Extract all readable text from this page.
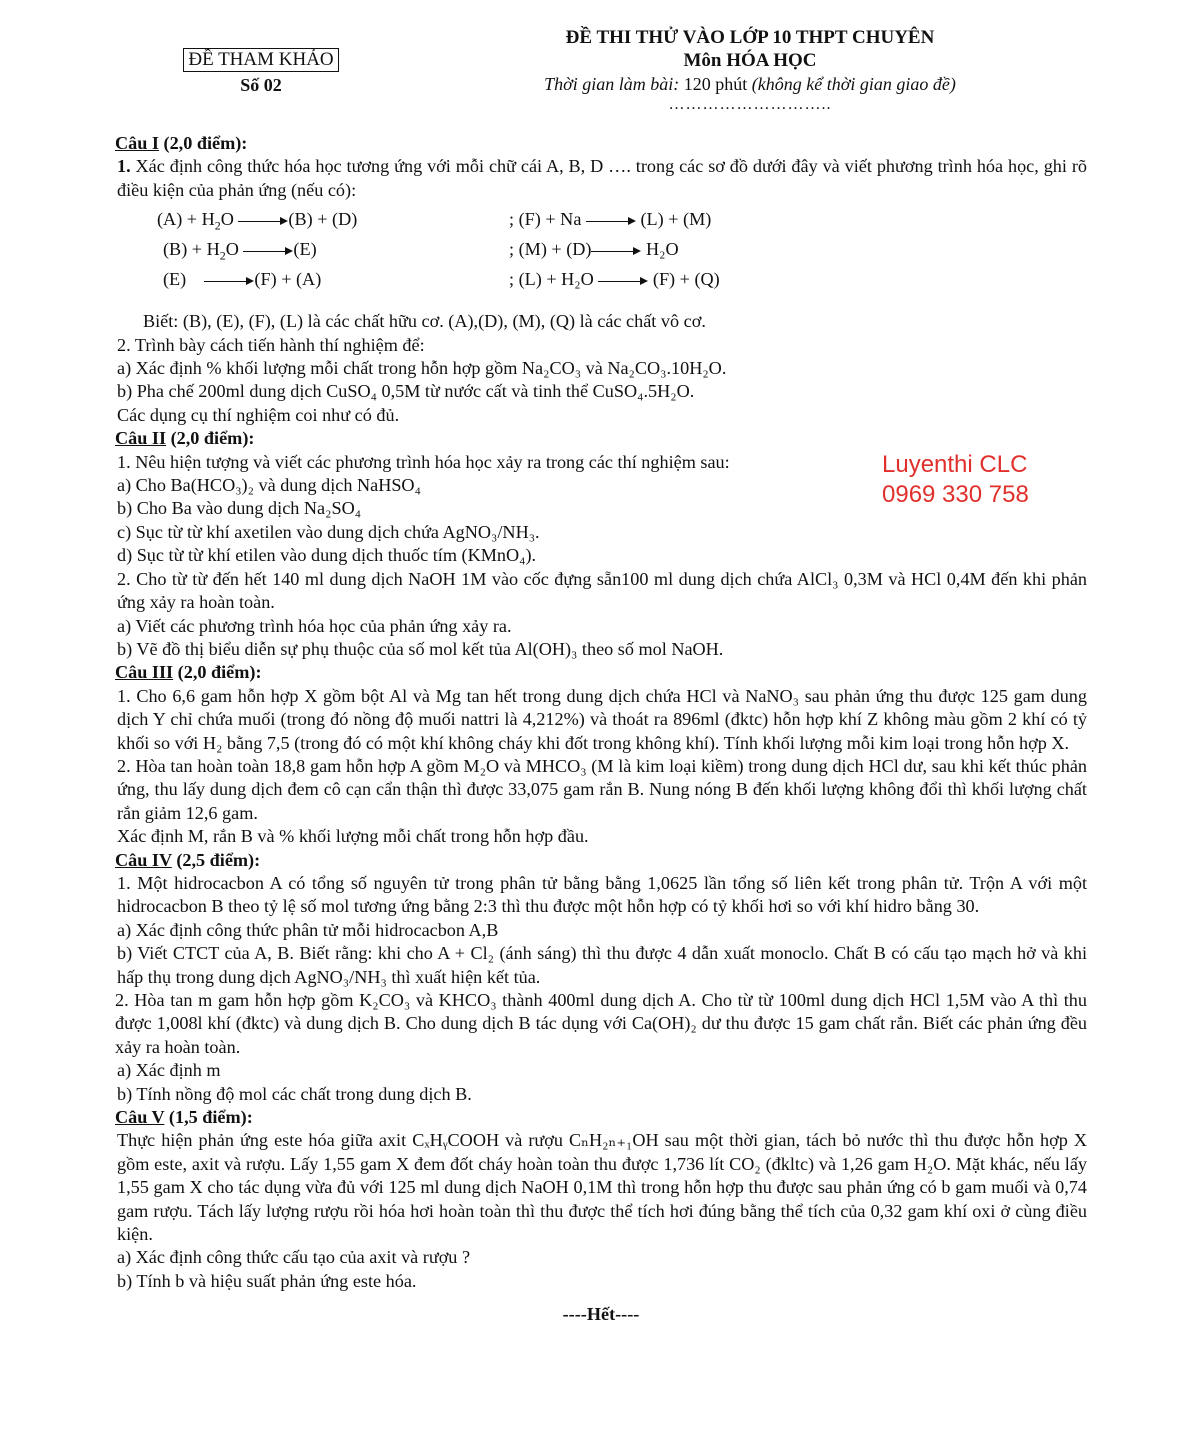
ĐỀ THAM KHẢO
Số 02
ĐỀ THI THỬ VÀO LỚP 10 THPT CHUYÊN
Môn HÓA HỌC
Thời gian làm bài: 120 phút (không kể thời gian giao đề)
………………………..
Luyenthi CLC
0969 330 758
Câu I (2,0 điểm):

1. Xác định công thức hóa học tương ứng với mỗi chữ cái A, B, D …. trong các sơ đồ dưới đây và viết phương trình hóa học, ghi rõ điều kiện của phản ứng (nếu có):

$(A) + H_2O$	(B) + (D)	; (F) + Na	(L) + (M)
$(B) + H_2O$	(E)	; (M) + (D)	H₂O
(E)	(F) + (A)	; (L) + H₂O	(F) + (Q)

Biết: (B), (E), (F), (L) là các chất hữu cơ. (A),(D), (M), (Q) là các chất vô cơ.

2. Trình bày cách tiến hành thí nghiệm để:

a) Xác định % khối lượng mỗi chất trong hỗn hợp gồm Na₂CO₃ và Na₂CO₃.10H₂O.

b) Pha chế 200ml dung dịch CuSO₄ 0,5M từ nước cất và tinh thể CuSO₄.5H₂O.

Các dụng cụ thí nghiệm coi như có đủ.

Câu II (2,0 điểm):

1. Nêu hiện tượng và viết các phương trình hóa học xảy ra trong các thí nghiệm sau:

a) Cho Ba(HCO₃)₂ và dung dịch NaHSO₄

b) Cho Ba vào dung dịch Na₂SO₄

c) Sục từ từ khí axetilen vào dung dịch chứa AgNO₃/NH₃.

d) Sục từ từ khí etilen vào dung dịch thuốc tím (KMnO₄).

2. Cho từ từ đến hết 140 ml dung dịch NaOH 1M vào cốc đựng sẵn100 ml dung dịch chứa AlCl₃ 0,3M và HCl 0,4M đến khi phản ứng xảy ra hoàn toàn.

a) Viết các phương trình hóa học của phản ứng xảy ra.

b) Vẽ đồ thị biểu diễn sự phụ thuộc của số mol kết tủa Al(OH)₃ theo số mol NaOH.

Câu III (2,0 điểm):

1. Cho 6,6 gam hỗn hợp X gồm bột Al và Mg tan hết trong dung dịch chứa HCl và NaNO₃ sau phản ứng thu được 125 gam dung dịch Y chỉ chứa muối (trong đó nồng độ muối nattri là 4,212%) và thoát ra 896ml (đktc) hỗn hợp khí Z không màu gồm 2 khí có tỷ khối so với H₂ bằng 7,5 (trong đó có một khí không cháy khi đốt trong không khí). Tính khối lượng mỗi kim loại trong hỗn hợp X.

2. Hòa tan hoàn toàn 18,8 gam hỗn hợp A gồm M₂O và MHCO₃ (M là kim loại kiềm) trong dung dịch HCl dư, sau khi kết thúc phản ứng, thu lấy dung dịch đem cô cạn cẩn thận thì được 33,075 gam rắn B. Nung nóng B đến khối lượng không đổi thì khối lượng chất rắn giảm 12,6 gam.

Xác định M, rắn B và % khối lượng mỗi chất trong hỗn hợp đầu.

Câu IV (2,5 điểm):

1. Một hidrocacbon A có tổng số nguyên tử trong phân tử bằng bằng 1,0625 lần tổng số liên kết trong phân tử. Trộn A với một hidrocacbon B theo tỷ lệ số mol tương ứng bằng 2:3 thì thu được một hỗn hợp có tỷ khối hơi so với khí hidro bằng 30.

a) Xác định công thức phân tử mỗi hidrocacbon A,B

b) Viết CTCT của A, B. Biết rằng: khi cho A + Cl₂ (ánh sáng) thì thu được 4 dẫn xuất monoclo. Chất B có cấu tạo mạch hở và khi hấp thụ trong dung dịch AgNO₃/NH₃ thì xuất hiện kết tủa.

2. Hòa tan m gam hỗn hợp gồm K₂CO₃ và KHCO₃ thành 400ml dung dịch A. Cho từ từ 100ml dung dịch HCl 1,5M vào A thì thu được 1,008l khí (đktc) và dung dịch B. Cho dung dịch B tác dụng với Ca(OH)₂ dư thu được 15 gam chất rắn. Biết các phản ứng đều xảy ra hoàn toàn.

a) Xác định m

b) Tính nồng độ mol các chất trong dung dịch B.

Câu V (1,5 điểm):

Thực hiện phản ứng este hóa giữa axit CₓHᵧCOOH và rượu CₙH₂ₙ₊₁OH sau một thời gian, tách bỏ nước thì thu được hỗn hợp X gồm este, axit và rượu. Lấy 1,55 gam X đem đốt cháy hoàn toàn thu được 1,736 lít CO₂ (đkltc) và 1,26 gam H₂O. Mặt khác, nếu lấy 1,55 gam X cho tác dụng vừa đủ với 125 ml dung dịch NaOH 0,1M thì trong hỗn hợp thu được sau phản ứng có b gam muối và 0,74 gam rượu. Tách lấy lượng rượu rồi hóa hơi hoàn toàn thì thu được thể tích hơi đúng bằng thể tích của 0,32 gam khí oxi ở cùng điều kiện.

a) Xác định công thức cấu tạo của axit và rượu ?

b) Tính b và hiệu suất phản ứng este hóa.

----Hết----
